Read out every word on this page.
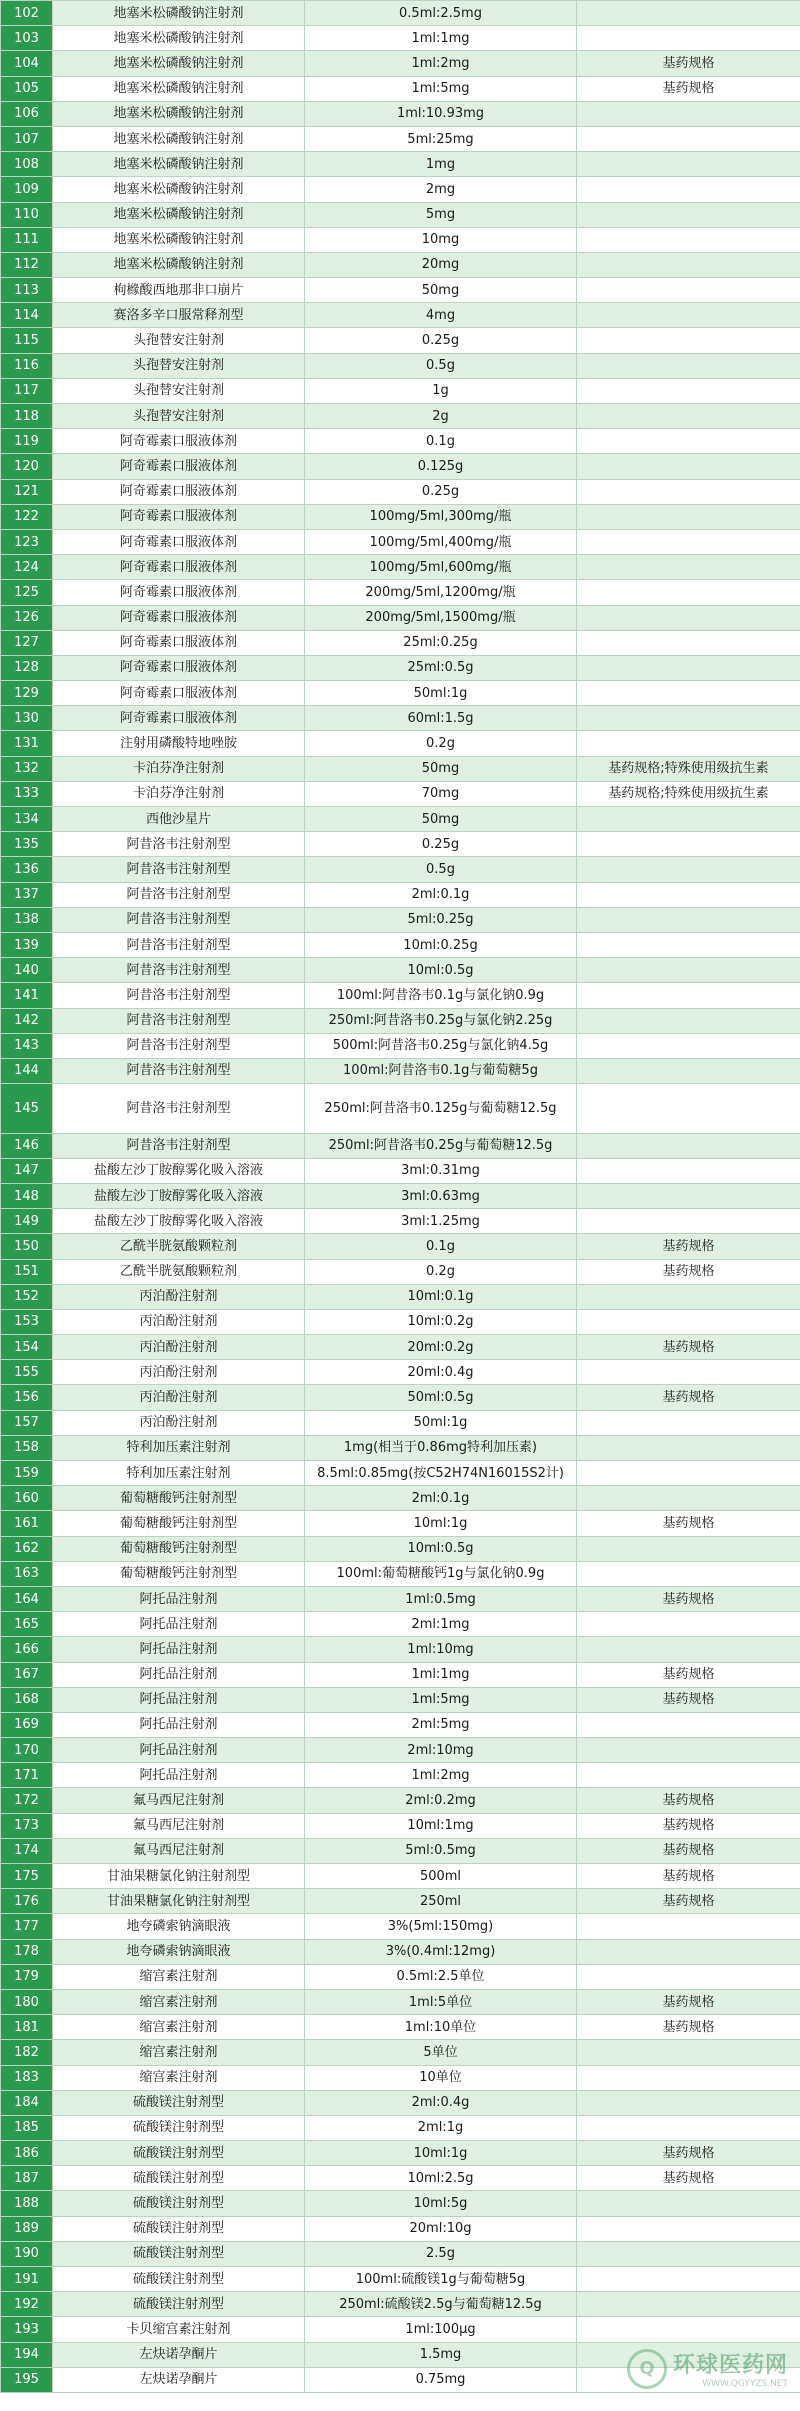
102	地塞米松磷酸钠注射剂	0.5ml:2.5mg	
103	地塞米松磷酸钠注射剂	1ml:1mg	
104	地塞米松磷酸钠注射剂	1ml:2mg	基药规格
105	地塞米松磷酸钠注射剂	1ml:5mg	基药规格
106	地塞米松磷酸钠注射剂	1ml:10.93mg	
107	地塞米松磷酸钠注射剂	5ml:25mg	
108	地塞米松磷酸钠注射剂	1mg	
109	地塞米松磷酸钠注射剂	2mg	
110	地塞米松磷酸钠注射剂	5mg	
111	地塞米松磷酸钠注射剂	10mg	
112	地塞米松磷酸钠注射剂	20mg	
113	枸橼酸西地那非口崩片	50mg	
114	赛洛多辛口服常释剂型	4mg	
115	头孢替安注射剂	0.25g	
116	头孢替安注射剂	0.5g	
117	头孢替安注射剂	1g	
118	头孢替安注射剂	2g	
119	阿奇霉素口服液体剂	0.1g	
120	阿奇霉素口服液体剂	0.125g	
121	阿奇霉素口服液体剂	0.25g	
122	阿奇霉素口服液体剂	100mg/5ml,300mg/瓶	
123	阿奇霉素口服液体剂	100mg/5ml,400mg/瓶	
124	阿奇霉素口服液体剂	100mg/5ml,600mg/瓶	
125	阿奇霉素口服液体剂	200mg/5ml,1200mg/瓶	
126	阿奇霉素口服液体剂	200mg/5ml,1500mg/瓶	
127	阿奇霉素口服液体剂	25ml:0.25g	
128	阿奇霉素口服液体剂	25ml:0.5g	
129	阿奇霉素口服液体剂	50ml:1g	
130	阿奇霉素口服液体剂	60ml:1.5g	
131	注射用磷酸特地唑胺	0.2g	
132	卡泊芬净注射剂	50mg	基药规格;特殊使用级抗生素
133	卡泊芬净注射剂	70mg	基药规格;特殊使用级抗生素
134	西他沙星片	50mg	
135	阿昔洛韦注射剂型	0.25g	
136	阿昔洛韦注射剂型	0.5g	
137	阿昔洛韦注射剂型	2ml:0.1g	
138	阿昔洛韦注射剂型	5ml:0.25g	
139	阿昔洛韦注射剂型	10ml:0.25g	
140	阿昔洛韦注射剂型	10ml:0.5g	
141	阿昔洛韦注射剂型	100ml:阿昔洛韦0.1g与氯化钠0.9g	
142	阿昔洛韦注射剂型	250ml:阿昔洛韦0.25g与氯化钠2.25g	
143	阿昔洛韦注射剂型	500ml:阿昔洛韦0.25g与氯化钠4.5g	
144	阿昔洛韦注射剂型	100ml:阿昔洛韦0.1g与葡萄糖5g	
145	阿昔洛韦注射剂型	250ml:阿昔洛韦0.125g与葡萄糖12.5g	
146	阿昔洛韦注射剂型	250ml:阿昔洛韦0.25g与葡萄糖12.5g	
147	盐酸左沙丁胺醇雾化吸入溶液	3ml:0.31mg	
148	盐酸左沙丁胺醇雾化吸入溶液	3ml:0.63mg	
149	盐酸左沙丁胺醇雾化吸入溶液	3ml:1.25mg	
150	乙酰半胱氨酸颗粒剂	0.1g	基药规格
151	乙酰半胱氨酸颗粒剂	0.2g	基药规格
152	丙泊酚注射剂	10ml:0.1g	
153	丙泊酚注射剂	10ml:0.2g	
154	丙泊酚注射剂	20ml:0.2g	基药规格
155	丙泊酚注射剂	20ml:0.4g	
156	丙泊酚注射剂	50ml:0.5g	基药规格
157	丙泊酚注射剂	50ml:1g	
158	特利加压素注射剂	1mg(相当于0.86mg特利加压素)	
159	特利加压素注射剂	8.5ml:0.85mg(按C52H74N16015S2计)	
160	葡萄糖酸钙注射剂型	2ml:0.1g	
161	葡萄糖酸钙注射剂型	10ml:1g	基药规格
162	葡萄糖酸钙注射剂型	10ml:0.5g	
163	葡萄糖酸钙注射剂型	100ml:葡萄糖酸钙1g与氯化钠0.9g	
164	阿托品注射剂	1ml:0.5mg	基药规格
165	阿托品注射剂	2ml:1mg	
166	阿托品注射剂	1ml:10mg	
167	阿托品注射剂	1ml:1mg	基药规格
168	阿托品注射剂	1ml:5mg	基药规格
169	阿托品注射剂	2ml:5mg	
170	阿托品注射剂	2ml:10mg	
171	阿托品注射剂	1ml:2mg	
172	氟马西尼注射剂	2ml:0.2mg	基药规格
173	氟马西尼注射剂	10ml:1mg	基药规格
174	氟马西尼注射剂	5ml:0.5mg	基药规格
175	甘油果糖氯化钠注射剂型	500ml	基药规格
176	甘油果糖氯化钠注射剂型	250ml	基药规格
177	地夸磷索钠滴眼液	3%(5ml:150mg)	
178	地夸磷索钠滴眼液	3%(0.4ml:12mg)	
179	缩宫素注射剂	0.5ml:2.5单位	
180	缩宫素注射剂	1ml:5单位	基药规格
181	缩宫素注射剂	1ml:10单位	基药规格
182	缩宫素注射剂	5单位	
183	缩宫素注射剂	10单位	
184	硫酸镁注射剂型	2ml:0.4g	
185	硫酸镁注射剂型	2ml:1g	
186	硫酸镁注射剂型	10ml:1g	基药规格
187	硫酸镁注射剂型	10ml:2.5g	基药规格
188	硫酸镁注射剂型	10ml:5g	
189	硫酸镁注射剂型	20ml:10g	
190	硫酸镁注射剂型	2.5g	
191	硫酸镁注射剂型	100ml:硫酸镁1g与葡萄糖5g	
192	硫酸镁注射剂型	250ml:硫酸镁2.5g与葡萄糖12.5g	
193	卡贝缩宫素注射剂	1ml:100μg	
194	左炔诺孕酮片	1.5mg	
195	左炔诺孕酮片	0.75mg	
Q 环球医药网
WWW.QGYYZS.NET
